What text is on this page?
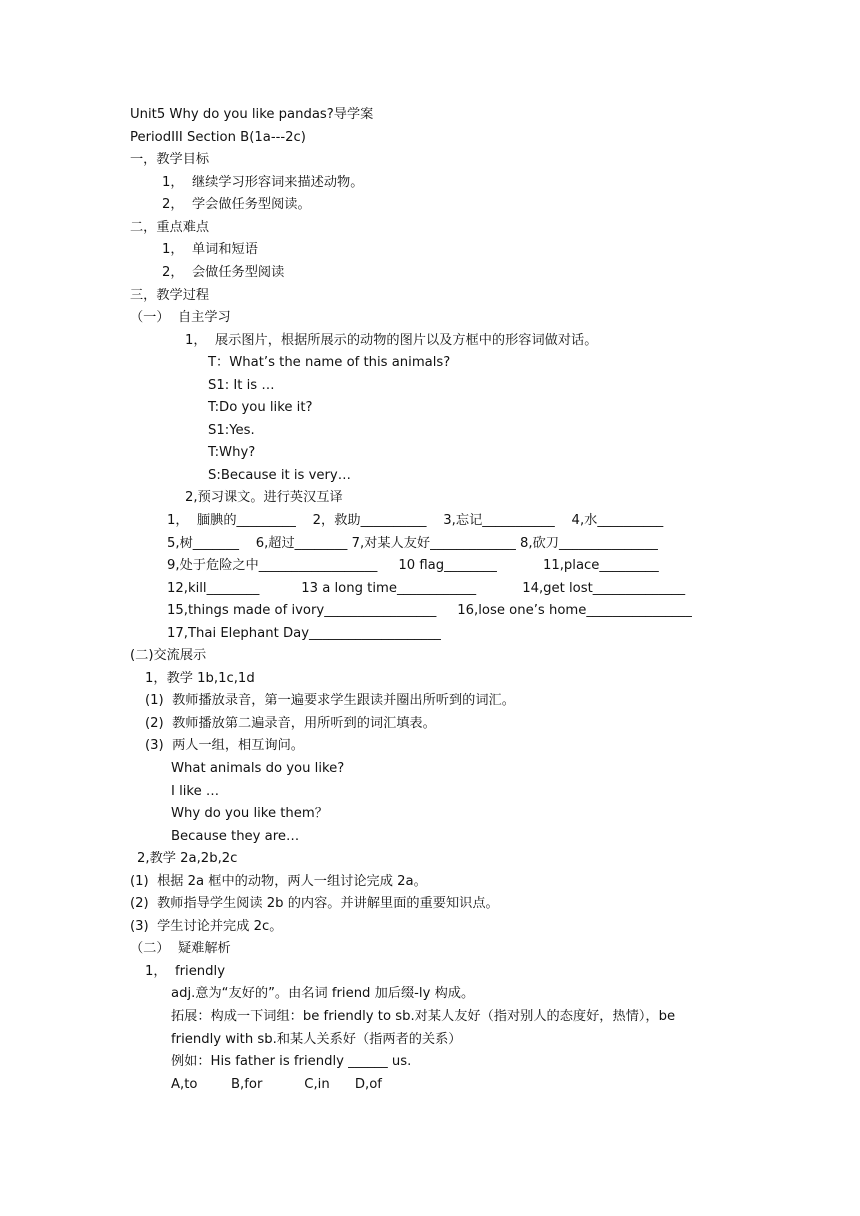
Unit5 Why do you like pandas?导学案
PeriodIII Section B(1a---2c)
一，教学目标
1，  继续学习形容词来描述动物。
2，  学会做任务型阅读。
二，重点难点
1，  单词和短语
2，  会做任务型阅读
三，教学过程
（一）  自主学习
1，  展示图片，根据所展示的动物的图片以及方框中的形容词做对话。
T：What’s the name of this animals?
S1: It is …
T:Do you like it?
S1:Yes.
T:Why?
S:Because it is very…
2,预习课文。进行英汉互译
1，  腼腆的_________    2，救助__________    3,忘记___________    4,水__________
5,树_______    6,超过________ 7,对某人友好_____________ 8,砍刀_______________
9,处于危险之中__________________     10 flag________           11,place_________
12,kill________          13 a long time____________           14,get lost______________
15,things made of ivory_________________     16,lose one’s home________________
17,Thai Elephant Day____________________
(二)交流展示
1，教学 1b,1c,1d
(1)  教师播放录音，第一遍要求学生跟读并圈出所听到的词汇。
(2)  教师播放第二遍录音，用所听到的词汇填表。
(3)  两人一组，相互询问。
What animals do you like?
I like …
Why do you like them？
Because they are…
2,教学 2a,2b,2c
(1)  根据 2a 框中的动物，两人一组讨论完成 2a。
(2)  教师指导学生阅读 2b 的内容。并讲解里面的重要知识点。
(3)  学生讨论并完成 2c。
（二）  疑难解析
1，  friendly
adj.意为“友好的”。由名词 friend 加后缀-ly 构成。
拓展：构成一下词组：be friendly to sb.对某人友好（指对别人的态度好，热情），be
friendly with sb.和某人关系好（指两者的关系）
例如：His father is friendly ______ us.
A,to        B,for          C,in      D,of
